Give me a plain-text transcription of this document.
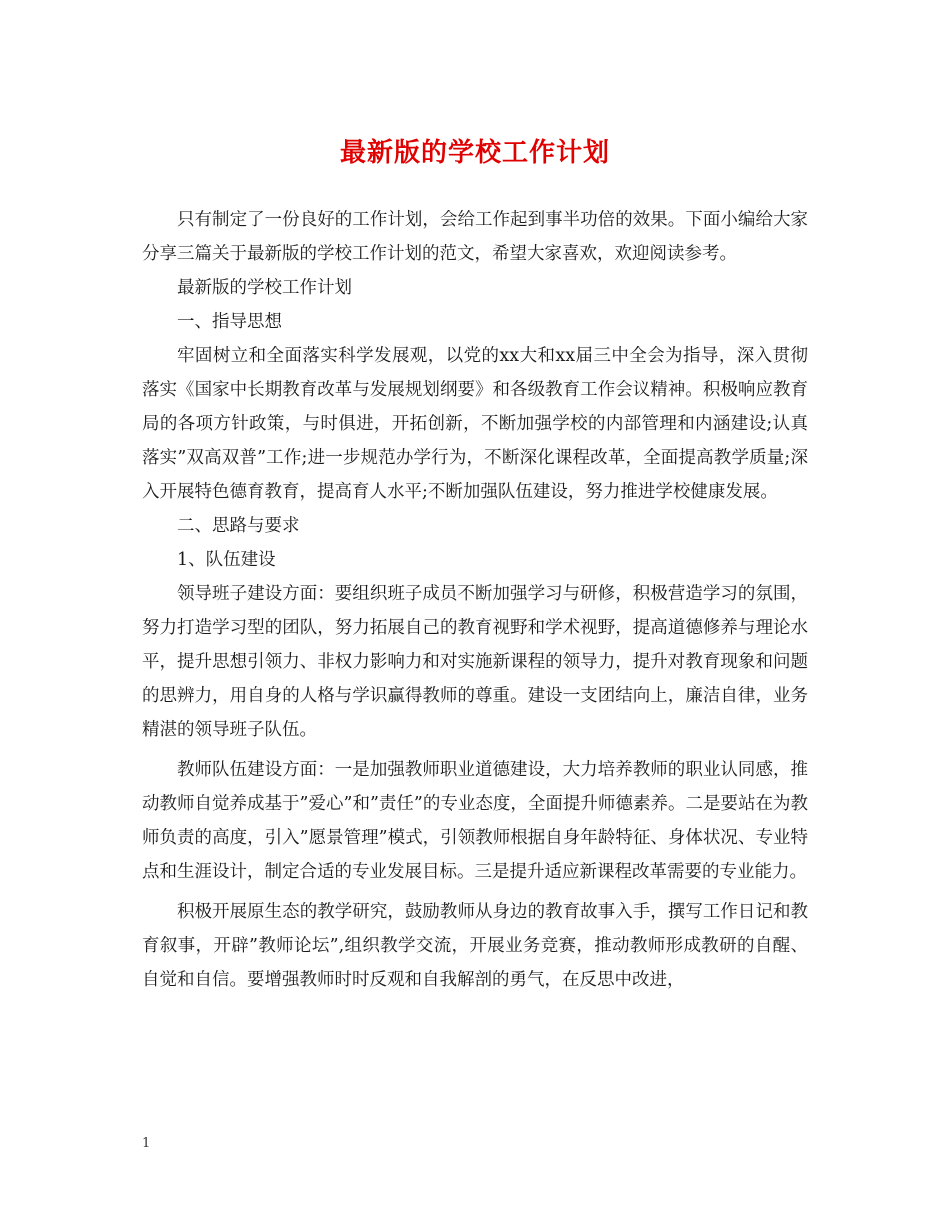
最新版的学校工作计划

只有制定了一份良好的工作计划，会给工作起到事半功倍的效果。下面小编给大家分享三篇关于最新版的学校工作计划的范文，希望大家喜欢，欢迎阅读参考。

最新版的学校工作计划

一、指导思想

牢固树立和全面落实科学发展观，以党的xx大和xx届三中全会为指导，深入贯彻落实《国家中长期教育改革与发展规划纲要》和各级教育工作会议精神。积极响应教育局的各项方针政策，与时俱进，开拓创新，不断加强学校的内部管理和内涵建设;认真落实”双高双普”工作;进一步规范办学行为，不断深化课程改革，全面提高教学质量;深入开展特色德育教育，提高育人水平;不断加强队伍建设，努力推进学校健康发展。

二、思路与要求

1、队伍建设

领导班子建设方面：要组织班子成员不断加强学习与研修，积极营造学习的氛围，努力打造学习型的团队，努力拓展自己的教育视野和学术视野，提高道德修养与理论水平，提升思想引领力、非权力影响力和对实施新课程的领导力，提升对教育现象和问题的思辨力，用自身的人格与学识赢得教师的尊重。建设一支团结向上，廉洁自律，业务精湛的领导班子队伍。

教师队伍建设方面：一是加强教师职业道德建设，大力培养教师的职业认同感，推动教师自觉养成基于”爱心”和”责任”的专业态度，全面提升师德素养。二是要站在为教师负责的高度，引入”愿景管理”模式，引领教师根据自身年龄特征、身体状况、专业特点和生涯设计，制定合适的专业发展目标。三是提升适应新课程改革需要的专业能力。

积极开展原生态的教学研究，鼓励教师从身边的教育故事入手，撰写工作日记和教育叙事，开辟”教师论坛”,组织教学交流，开展业务竞赛，推动教师形成教研的自醒、自觉和自信。要增强教师时时反观和自我解剖的勇气，在反思中改进，

1
